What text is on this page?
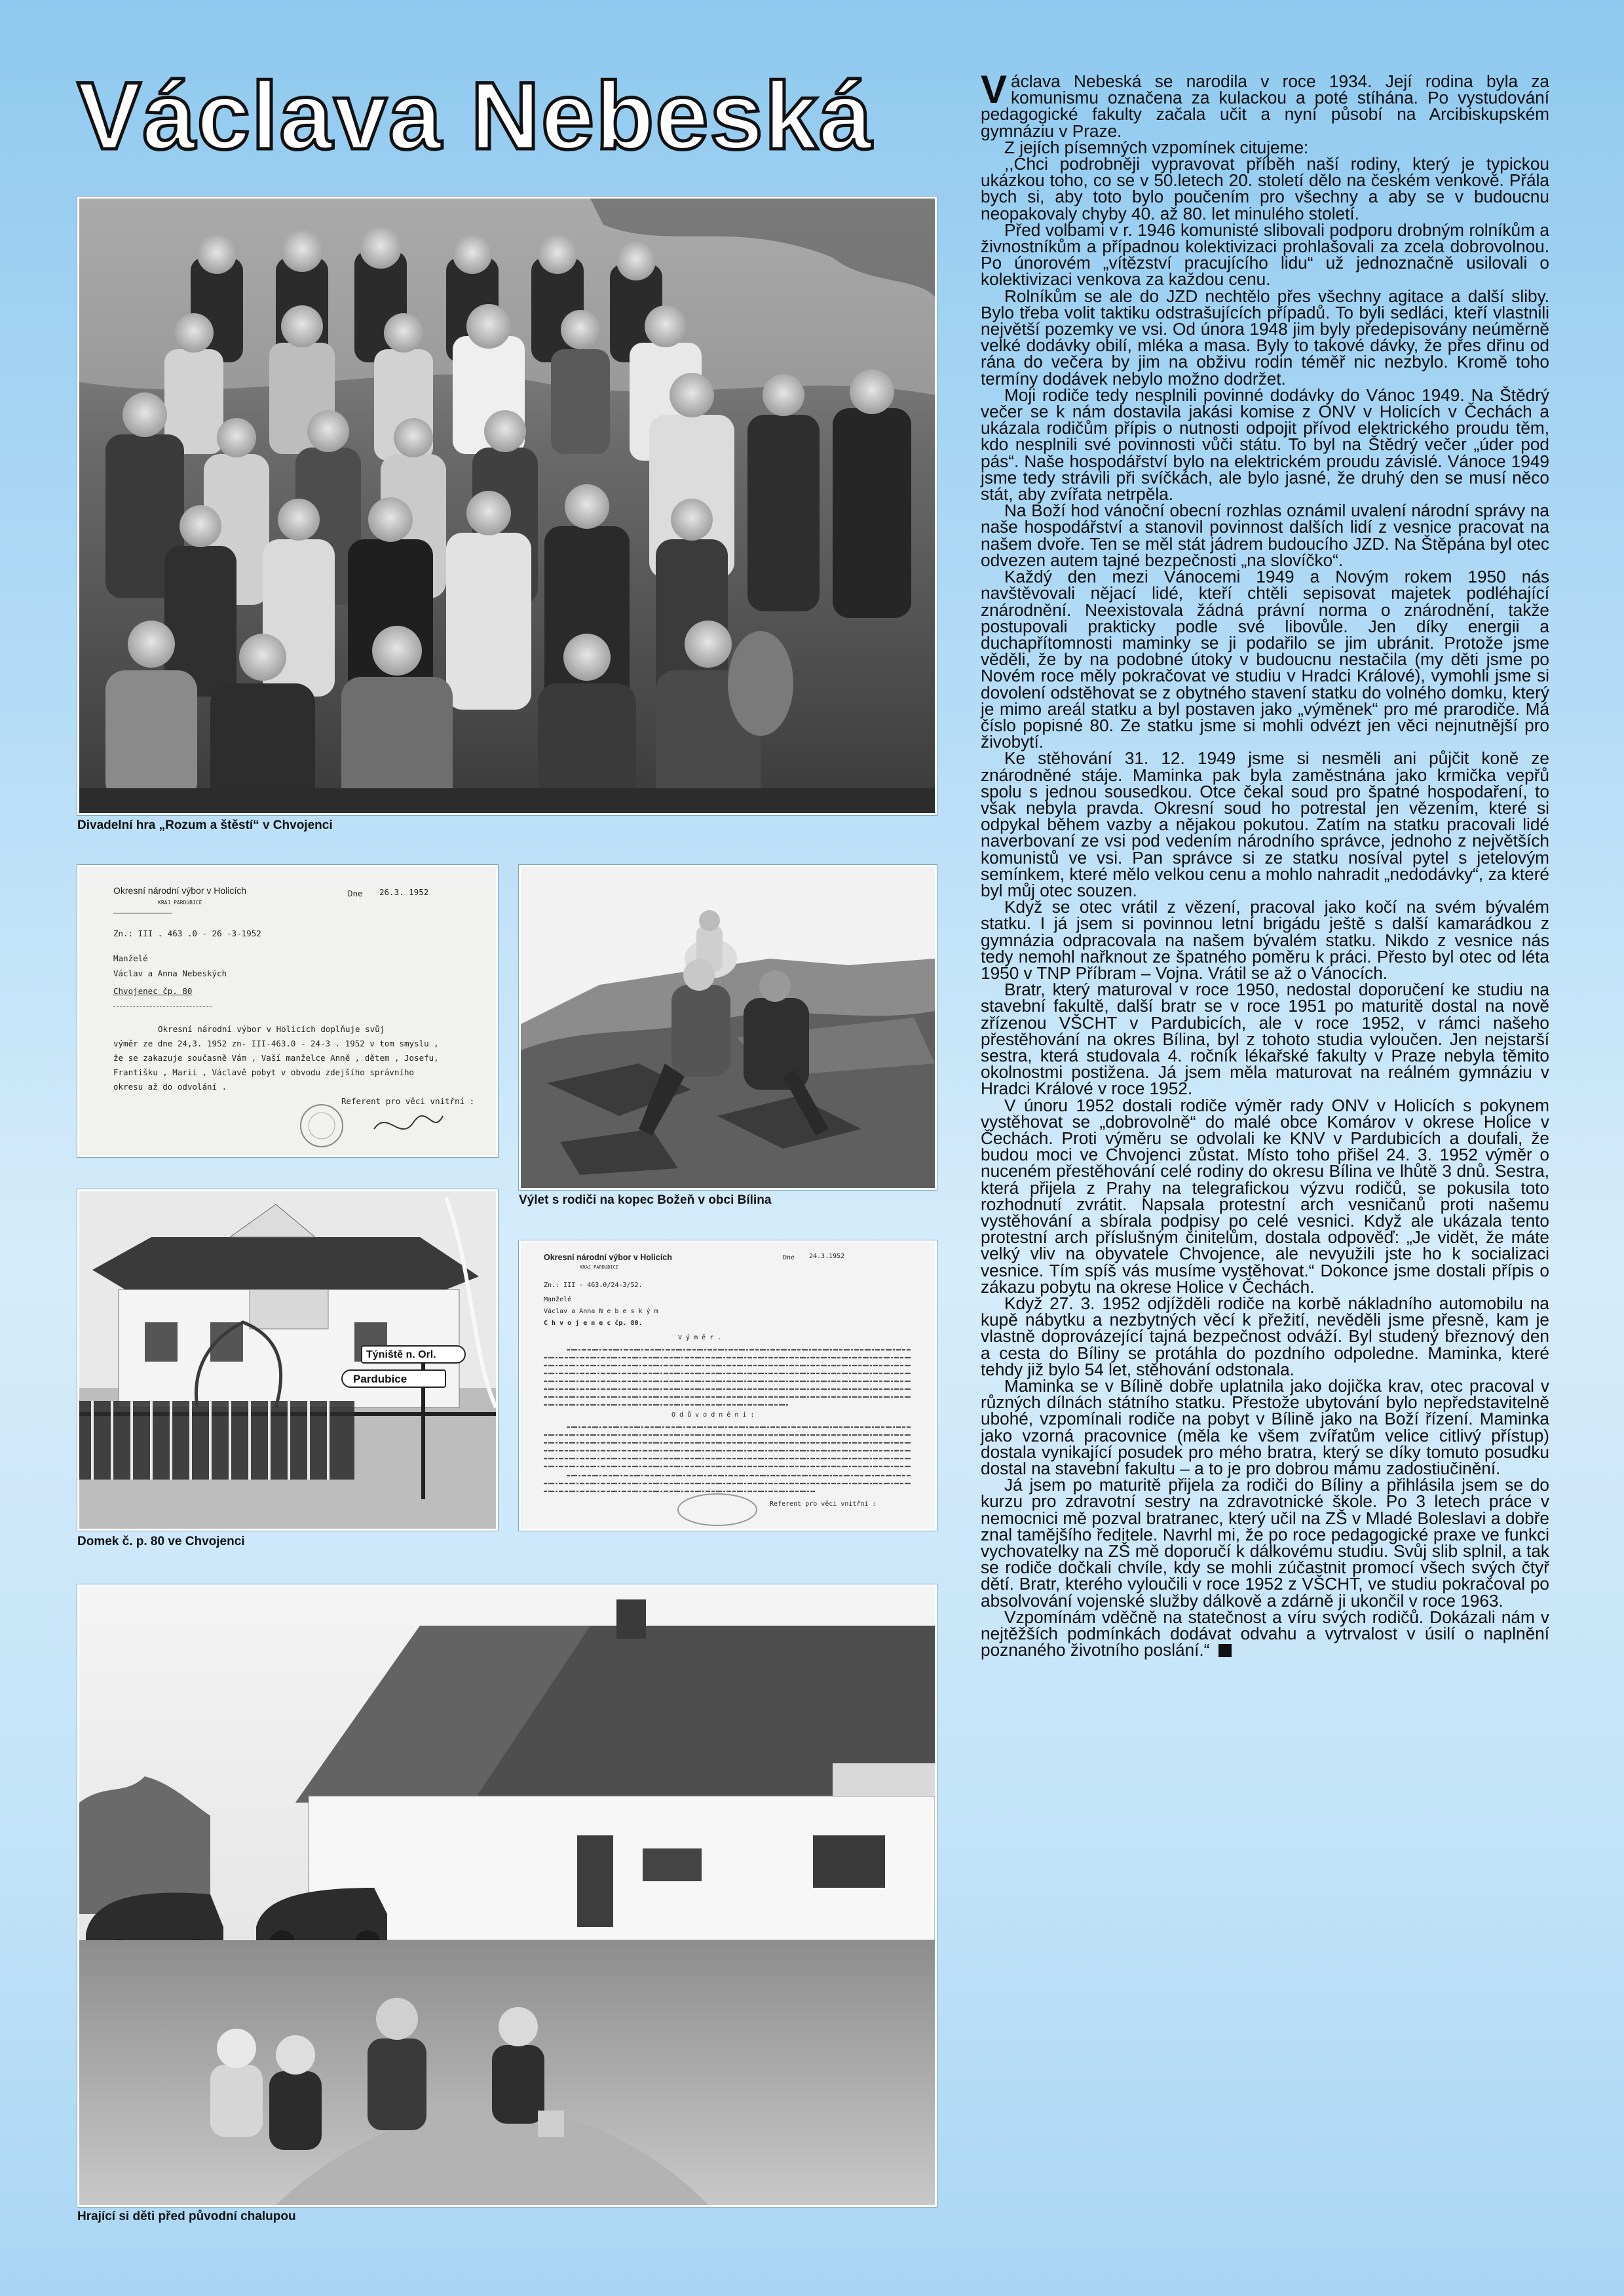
Václava Nebeská
Divadelní hra „Rozum a štěstí“ v Chvojenci
Okresní národní výbor v Holicích
KRAJ PARDUBICE
Dne 26.3. 1952
Zn.: III . 463 .0 - 26 -3-1952
Manželé
Václav a Anna Nebeských
Chvojenec čp. 80
Okresní národní výbor v Holicích doplňuje svůj
výměr ze dne 24,3. 1952 zn- III-463.0 - 24-3 . 1952 v tom smyslu ,
že se zakazuje současně Vám , Vaší manželce Anně , dětem , Josefu,
Františku , Marii , Václavě pobyt v obvodu zdejšího správního
okresu až do odvolání .
Referent pro věci vnitřní :
Výlet s rodiči na kopec Božeň v obci Bílina
Týniště n. Orl.
Pardubice
Domek č. p. 80 ve Chvojenci
Okresní národní výbor v Holicích
KRAJ PARDUBICE
Dne 24.3.1952
Zn.: III - 463.0/24-3/52.
Manželé
Václav a Anna N e b e s k ý m
C h v o j e n e c čp. 80.
V ý m ě r .
O d ů v o d n ě n í :
Referent pro věci vnitřní :
Hrající si děti před původní chalupou

Václava Nebeská se narodila v roce 1934. Její rodina byla za komunismu označena za kulackou a poté stíhána. Po vystudování pedagogické fakulty začala učit a nyní působí na Arcibiskupském gymnáziu v Praze.

Z jejích písemných vzpomínek citujeme:

,,Chci podrobněji vypravovat příběh naší rodiny, který je typickou ukázkou toho, co se v 50.letech 20. století dělo na českém venkově. Přála bych si, aby toto bylo poučením pro všechny a aby se v budoucnu neopakovaly chyby 40. až 80. let minulého století.

Před volbami v r. 1946 komunisté slibovali podporu drobným rolníkům a živnostníkům a případnou kolektivizaci prohlašovali za zcela dobrovolnou. Po únorovém „vítězství pracujícího lidu“ už jednoznačně usilovali o kolektivizaci venkova za každou cenu.

Rolníkům se ale do JZD nechtělo přes všechny agitace a další sliby. Bylo třeba volit taktiku odstrašujících případů. To byli sedláci, kteří vlastnili největší pozemky ve vsi. Od února 1948 jim byly předepisovány neúměrně velké dodávky obilí, mléka a masa. Byly to takové dávky, že přes dřinu od rána do večera by jim na obživu rodin téměř nic nezbylo. Kromě toho termíny dodávek nebylo možno dodržet.

Moji rodiče tedy nesplnili povinné dodávky do Vánoc 1949. Na Štědrý večer se k nám dostavila jakási komise z ONV v Holicích v Čechách a ukázala rodičům přípis o nutnosti odpojit přívod elektrického proudu těm, kdo nesplnili své povinnosti vůči státu. To byl na Štědrý večer „úder pod pás“. Naše hospodářství bylo na elektrickém proudu závislé. Vánoce 1949 jsme tedy strávili při svíčkách, ale bylo jasné, že druhý den se musí něco stát, aby zvířata netrpěla.

Na Boží hod vánoční obecní rozhlas oznámil uvalení národní správy na naše hospodářství a stanovil povinnost dalších lidí z vesnice pracovat na našem dvoře. Ten se měl stát jádrem budoucího JZD. Na Štěpána byl otec odvezen autem tajné bezpečnosti „na slovíčko“.

Každý den mezi Vánocemi 1949 a Novým rokem 1950 nás navštěvovali nějací lidé, kteří chtěli sepisovat majetek podléhající znárodnění. Neexistovala žádná právní norma o znárodnění, takže postupovali prakticky podle své libovůle. Jen díky energii a duchapřítomnosti maminky se ji podařilo se jim ubránit. Protože jsme věděli, že by na podobné útoky v budoucnu nestačila (my děti jsme po Novém roce měly pokračovat ve studiu v Hradci Králové), vymohli jsme si dovolení odstěhovat se z obytného stavení statku do volného domku, který je mimo areál statku a byl postaven jako „výměnek“ pro mé prarodiče. Má číslo popisné 80. Ze statku jsme si mohli odvézt jen věci nejnutnější pro živobytí.

Ke stěhování 31. 12. 1949 jsme si nesměli ani půjčit koně ze znárodněné stáje. Maminka pak byla zaměstnána jako krmička vepřů spolu s jednou sousedkou. Otce čekal soud pro špatné hospodaření, to však nebyla pravda. Okresní soud ho potrestal jen vězením, které si odpykal během vazby a nějakou pokutou. Zatím na statku pracovali lidé naverbovaní ze vsi pod vedením národního správce, jednoho z největších komunistů ve vsi. Pan správce si ze statku nosíval pytel s jetelovým semínkem, které mělo velkou cenu a mohlo nahradit „nedodávky“, za které byl můj otec souzen.

Když se otec vrátil z vězení, pracoval jako kočí na svém bývalém statku. I já jsem si povinnou letní brigádu ještě s další kamarádkou z gymnázia odpracovala na našem bývalém statku. Nikdo z vesnice nás tedy nemohl nařknout ze špatného poměru k práci. Přesto byl otec od léta 1950 v TNP Příbram – Vojna. Vrátil se až o Vánocích.

Bratr, který maturoval v roce 1950, nedostal doporučení ke studiu na stavební fakultě, další bratr se v roce 1951 po maturitě dostal na nově zřízenou VŠCHT v Pardubicích, ale v roce 1952, v rámci našeho přestěhování na okres Bílina, byl z tohoto studia vyloučen. Jen nejstarší sestra, která studovala 4. ročník lékařské fakulty v Praze nebyla těmito okolnostmi postižena. Já jsem měla maturovat na reálném gymnáziu v Hradci Králové v roce 1952.

V únoru 1952 dostali rodiče výměr rady ONV v Holicích s pokynem vystěhovat se „dobrovolně“ do malé obce Komárov v okrese Holice v Čechách. Proti výměru se odvolali ke KNV v Pardubicích a doufali, že budou moci ve Chvojenci zůstat. Místo toho přišel 24. 3. 1952 výměr o nuceném přestěhování celé rodiny do okresu Bílina ve lhůtě 3 dnů. Sestra, která přijela z Prahy na telegrafickou výzvu rodičů, se pokusila toto rozhodnutí zvrátit. Napsala protestní arch vesničanů proti našemu vystěhování a sbírala podpisy po celé vesnici. Když ale ukázala tento protestní arch příslušným činitelům, dostala odpověď: „Je vidět, že máte velký vliv na obyvatele Chvojence, ale nevyužili jste ho k socializaci vesnice. Tím spíš vás musíme vystěhovat.“ Dokonce jsme dostali přípis o zákazu pobytu na okrese Holice v Čechách.

Když 27. 3. 1952 odjížděli rodiče na korbě nákladního automobilu na kupě nábytku a nezbytných věcí k přežití, nevěděli jsme přesně, kam je vlastně doprovázející tajná bezpečnost odváží. Byl studený březnový den a cesta do Bíliny se protáhla do pozdního odpoledne. Maminka, které tehdy již bylo 54 let, stěhování odstonala.

Maminka se v Bílině dobře uplatnila jako dojička krav, otec pracoval v různých dílnách státního statku. Přestože ubytování bylo nepředstavitelně ubohé, vzpomínali rodiče na pobyt v Bílině jako na Boží řízení. Maminka jako vzorná pracovnice (měla ke všem zvířatům velice citlivý přístup) dostala vynikající posudek pro mého bratra, který se díky tomuto posudku dostal na stavební fakultu – a to je pro dobrou mámu zadostiučinění.

Já jsem po maturitě přijela za rodiči do Bíliny a přihlásila jsem se do kurzu pro zdravotní sestry na zdravotnické škole. Po 3 letech práce v nemocnici mě pozval bratranec, který učil na ZŠ v Mladé Boleslavi a dobře znal tamějšího ředitele. Navrhl mi, že po roce pedagogické praxe ve funkci vychovatelky na ZŠ mě doporučí k dálkovému studiu. Svůj slib splnil, a tak se rodiče dočkali chvíle, kdy se mohli zúčastnit promocí všech svých čtyř dětí. Bratr, kterého vyloučili v roce 1952 z VŠCHT, ve studiu pokračoval po absolvování vojenské služby dálkově a zdárně ji ukončil v roce 1963.

Vzpomínám vděčně na statečnost a víru svých rodičů. Dokázali nám v nejtěžších podmínkách dodávat odvahu a vytrvalost v úsilí o naplnění poznaného životního poslání.“
